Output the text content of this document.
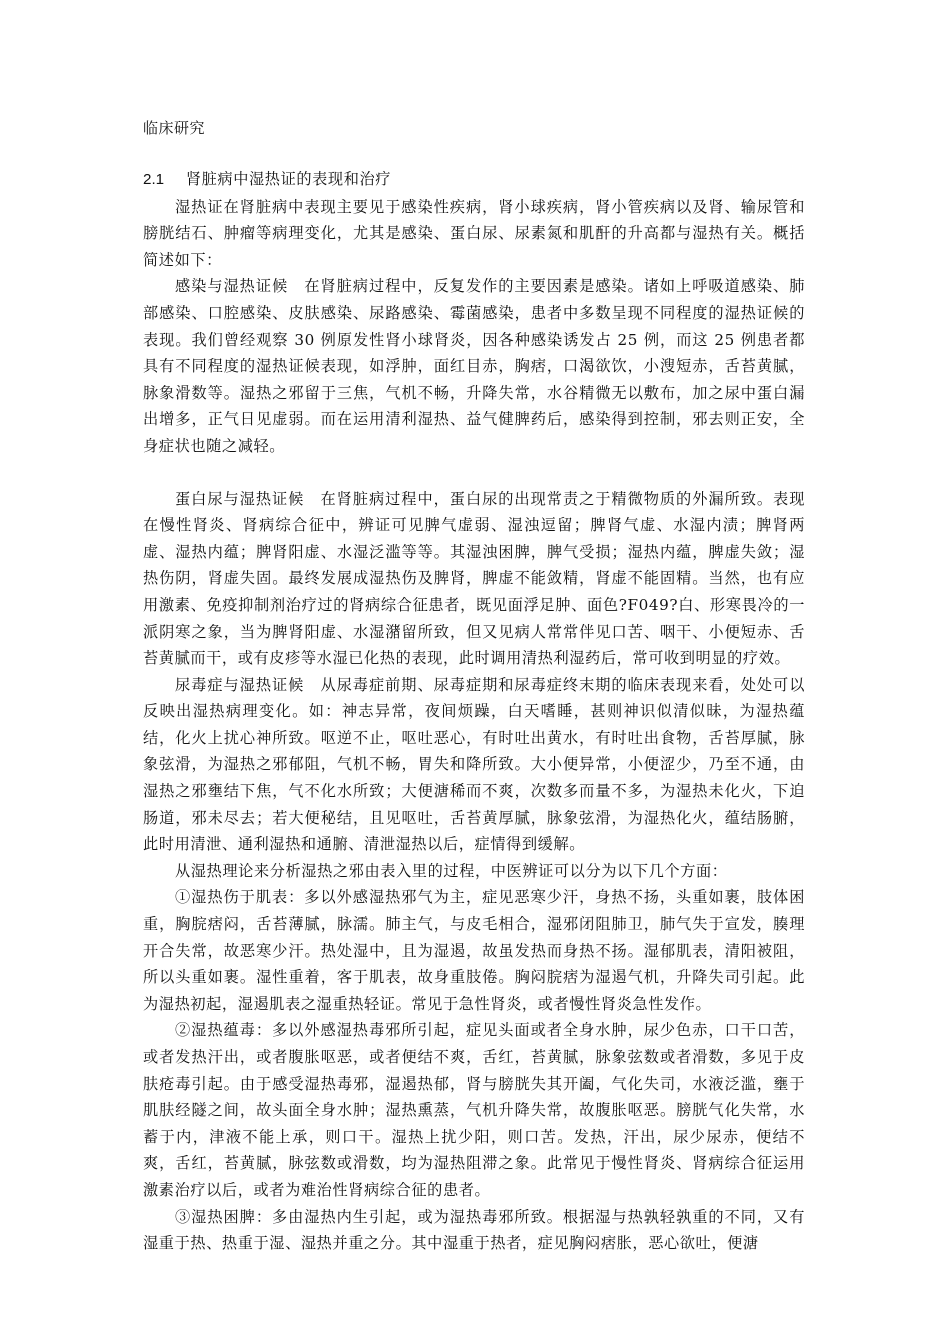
临床研究

2.1 肾脏病中湿热证的表现和治疗

湿热证在肾脏病中表现主要见于感染性疾病，肾小球疾病，肾小管疾病以及肾、输尿管和膀胱结石、肿瘤等病理变化，尤其是感染、蛋白尿、尿素氮和肌酐的升高都与湿热有关。概括简述如下：

感染与湿热证候　在肾脏病过程中，反复发作的主要因素是感染。诸如上呼吸道感染、肺部感染、口腔感染、皮肤感染、尿路感染、霉菌感染，患者中多数呈现不同程度的湿热证候的表现。我们曾经观察 30 例原发性肾小球肾炎，因各种感染诱发占 25 例，而这 25 例患者都具有不同程度的湿热证候表现，如浮肿，面红目赤，胸痞，口渴欲饮，小溲短赤，舌苔黄腻，脉象滑数等。湿热之邪留于三焦，气机不畅，升降失常，水谷精微无以敷布，加之尿中蛋白漏出增多，正气日见虚弱。而在运用清利湿热、益气健脾药后，感染得到控制，邪去则正安，全身症状也随之减轻。

蛋白尿与湿热证候　在肾脏病过程中，蛋白尿的出现常责之于精微物质的外漏所致。表现在慢性肾炎、肾病综合征中，辨证可见脾气虚弱、湿浊逗留；脾肾气虚、水湿内渍；脾肾两虚、湿热内蕴；脾肾阳虚、水湿泛滥等等。其湿浊困脾，脾气受损；湿热内蕴，脾虚失敛；湿热伤阴，肾虚失固。最终发展成湿热伤及脾肾，脾虚不能敛精，肾虚不能固精。当然，也有应用激素、免疫抑制剂治疗过的肾病综合征患者，既见面浮足肿、面色?F049?白、形寒畏冷的一派阴寒之象，当为脾肾阳虚、水湿潴留所致，但又见病人常常伴见口苦、咽干、小便短赤、舌苔黄腻而干，或有皮疹等水湿已化热的表现，此时调用清热利湿药后，常可收到明显的疗效。

尿毒症与湿热证候　从尿毒症前期、尿毒症期和尿毒症终末期的临床表现来看，处处可以反映出湿热病理变化。如：神志异常，夜间烦躁，白天嗜睡，甚则神识似清似昧，为湿热蕴结，化火上扰心神所致。呕逆不止，呕吐恶心，有时吐出黄水，有时吐出食物，舌苔厚腻，脉象弦滑，为湿热之邪郁阻，气机不畅，胃失和降所致。大小便异常，小便涩少，乃至不通，由湿热之邪壅结下焦，气不化水所致；大便溏稀而不爽，次数多而量不多，为湿热未化火，下迫肠道，邪未尽去；若大便秘结，且见呕吐，舌苔黄厚腻，脉象弦滑，为湿热化火，蕴结肠腑，此时用清泄、通利湿热和通腑、清泄湿热以后，症情得到缓解。

从湿热理论来分析湿热之邪由表入里的过程，中医辨证可以分为以下几个方面：

①湿热伤于肌表：多以外感湿热邪气为主，症见恶寒少汗，身热不扬，头重如裹，肢体困重，胸脘痞闷，舌苔薄腻，脉濡。肺主气，与皮毛相合，湿邪闭阻肺卫，肺气失于宣发，腠理开合失常，故恶寒少汗。热处湿中，且为湿遏，故虽发热而身热不扬。湿郁肌表，清阳被阻，所以头重如裹。湿性重着，客于肌表，故身重肢倦。胸闷脘痞为湿遏气机，升降失司引起。此为湿热初起，湿遏肌表之湿重热轻证。常见于急性肾炎，或者慢性肾炎急性发作。

②湿热蕴毒：多以外感湿热毒邪所引起，症见头面或者全身水肿，尿少色赤，口干口苦，或者发热汗出，或者腹胀呕恶，或者便结不爽，舌红，苔黄腻，脉象弦数或者滑数，多见于皮肤疮毒引起。由于感受湿热毒邪，湿遏热郁，肾与膀胱失其开阖，气化失司，水液泛滥，壅于肌肤经隧之间，故头面全身水肿；湿热熏蒸，气机升降失常，故腹胀呕恶。膀胱气化失常，水蓄于内，津液不能上承，则口干。湿热上扰少阳，则口苦。发热，汗出，尿少尿赤，便结不爽，舌红，苔黄腻，脉弦数或滑数，均为湿热阻滞之象。此常见于慢性肾炎、肾病综合征运用激素治疗以后，或者为难治性肾病综合征的患者。

③湿热困脾：多由湿热内生引起，或为湿热毒邪所致。根据湿与热孰轻孰重的不同，又有湿重于热、热重于湿、湿热并重之分。其中湿重于热者，症见胸闷痞胀，恶心欲吐，便溏
